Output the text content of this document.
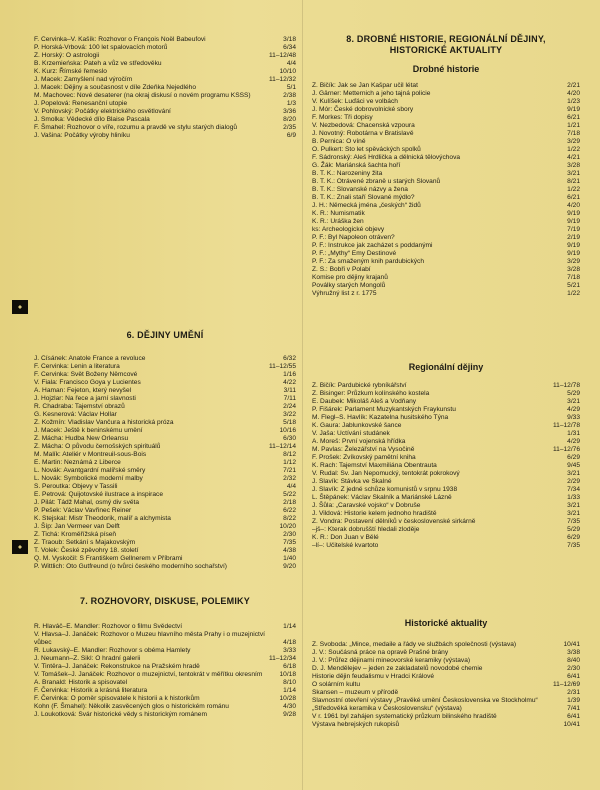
F. Cervinka–V. Kašík: Rozhovor o François Noël Babeufovi	3/18
P. Horská-Vrbová: 100 let spalovacích motorů	6/34
Z. Horský: O astrologii	11–12/48
B. Krzemieńska: Pateh a vůz ve středověku	4/4
K. Kurz: Římské řemeslo	10/10
J. Macek: Zamyšlení nad výročím	11–12/32
J. Macek: Dějiny a současnost v díle Zdeňka Nejedlého	5/1
M. Machovec: Nové desaterer (na okraj diskusí o novém programu KSSS)	2/38
J. Popelová: Renesanční utopie	1/3
V. Pohlovský: Počátky elektrického osvětlování	3/36
J. Smolka: Vědecké dílo Blaise Pascala	8/20
F. Šmahel: Rozhovor o víře, rozumu a pravdě ve stylu starých dialogů	2/35
J. Vašina: Počátky výroby hliníku	6/9
6. DĚJINY UMĚNÍ
J. Císánek: Anatole France a revoluce	6/32
F. Cervinka: Lenin a literatura	11–12/55
F. Cervinka: Svět Boženy Němcové	1/16
V. Fiala: Francisco Goya y Lucientes	4/22
A. Haman: Fejeton, který nevyšel	3/11
J. Hojzlar: Na řece a jarní slavnosti	7/11
R. Chadraba: Tajemství obrazů	2/24
G. Kesnerová: Václav Hollar	3/22
Z. Kožmín: Vladislav Vančura a historická próza	5/18
J. Macek: Ještě k beninskému umění	10/16
Z. Mácha: Hudba New Orleansu	6/30
Z. Mácha: O původu černošských spirituálů	11–12/14
M. Malík: Ateliér v Montreuil-sous-Bois	8/12
E. Martin: Neznámá z Liberce	1/12
L. Novák: Avantgardní malířské směry	7/21
L. Novák: Symbolické moderní malby	2/32
S. Peroutka: Objevy v Tassili	4/4
E. Petrová: Quijotovské ilustrace a inspirace	5/22
J. Pilát: Tádž Mahal, osmý div světa	2/18
P. Pešek: Václav Vavřinec Reiner	6/22
K. Stejskal: Mistr Theodorik, malíř a alchymista	8/22
J. Šíp: Jan Vermeer van Delft	10/20
Z. Tichá: Kroměřížská píseň	2/30
Z. Traoub: Setkání s Majakovským	7/35
T. Volek: České zpěvohry 18. století	4/38
Q. M. Vyskočil: S Františkem Gellnerem v Příbrami	1/40
P. Wittlich: Oto Gutfreund (o tvůrci českého moderního sochařství)	9/20
7. ROZHOVORY, DISKUSE, POLEMIKY
R. Hlaváč–E. Mandler: Rozhovor o filmu Svědectví	1/14
V. Hlavsa–J. Janáček: Rozhovor o Muzeu hlavního města Prahy i o muzejnictví vůbec	4/18
R. Lukavský–E. Mandler: Rozhovor s obéma Hamlety	3/33
J. Neumann–Z. Sikl: O hradní galerii	11–12/34
V. Tintěra–J. Janáček: Rekonstrukce na Pražském hradě	6/18
V. Tomášek–J. Janáček: Rozhovor o muzejnictví, tentokrát v měřítku okresním	10/18
A. Branald: Historik a spisovatel	8/10
F. Červinka: Historik a krásná literatura	1/14
F. Červinka: O poměr spisovatele k historii a k historikům	10/28
Kohn (F. Šmahel): Několik zasvěcených glos o historickém románu	4/30
J. Loukotková: Svár historické vědy s historickým románem	9/28
8. DROBNÉ HISTORIE, REGIONÁLNÍ DĚJINY,
HISTORICKÉ AKTUALITY
Drobné historie
Z. Bičík: Jak se Jan Kašpar učil létat	2/21
J. Gärner: Metternich a jeho tajná policie	4/20
V. Kulíšek: Luďáci ve volbách	1/23
J. Mór: České dobrovolnické sbory	9/19
F. Morkes: Tři dopisy	6/21
V. Nezbedová: Chacenská vzpoura	1/21
J. Novotný: Robotárna v Bratislavě	7/18
B. Pernica: O víně	3/29
O. Pulkert: Sto let spěváckých spolků	1/22
F. Sádronský: Aleš Hrdlička a dělnická tělovýchova	4/21
G. Žák: Mariánská šachta hoří	3/28
B. T. K.: Narozeniny žita	3/21
B. T. K.: Otrávené zbraně u starých Slovanů	8/21
B. T. K.: Slovanské názvy a žena	1/22
B. T. K.: Znali staří Slované mýdlo?	6/21
J. H.: Německá jména „českých“ židů	4/20
K. R.: Numismatik	9/19
K. R.: Uráška žen	9/19
ks: Archeologické objevy	7/19
P. F.: Byl Napoleon otráven?	2/19
P. F.: Instrukce jak zacházet s poddanými	9/19
P. F.: „Mythy“ Emy Destinové	9/19
P. F.: Za smaženým knih pardubických	3/29
Z. S.: Bobři v Polabí	3/28
Komise pro dějiny krajanů	7/18
Poválky starých Mongolů	5/21
Výhružný list z r. 1775	1/22
Regionální dějiny
Z. Bičík: Pardubické rybníkářství	11–12/78
Z. Bisinger: Průzkum kolínského kostela	5/29
E. Daubek: Mikoláš Aleš a Vodňany	3/21
P. Fišárek: Parlament Muzykantských Fraykunstu	4/29
M. Flegl–S. Havlík: Kazatelna husitského Týna	9/33
K. Gaura: Jablunkovské šance	11–12/78
V. Jaša: Uctívání studánek	1/31
A. Moreš: První vojenská hřídka	4/29
M. Pavlas: Železářství na Vysočině	11–12/76
F. Prošek: Zvíkovský pamětní kniha	6/29
K. Rach: Tajemství Maxmiliána Obentrauta	9/45
V. Rudal: Sv. Jan Nepomucký, tentokrát pokrokový	3/21
J. Slavík: Stávka ve Skalné	2/29
J. Slavík: Z jedné schůze komunistů v srpnu 1938	7/34
L. Štěpánek: Václav Skalník a Mariánské Lázně	1/33
J. Šůla: „Caravské vojsko“ v Dobruše	3/21
J. Vildová: Historie kelem jednoho hradiště	3/21
Z. Vondra: Postavení dělníků v československé sirkárně	7/35
–jš–: Kterak dobrušští hledali zloděje	5/29
K. R.: Don Juan v Bělé	6/29
–lí–: Učitelské kvartoto	7/35
Historické aktuality
Z. Svoboda: „Mince, medaile a řády ve službách společnosti (výstava)	10/41
J. V.: Součásná práce na opravě Prašné brány	3/38
J. V.: Průřez dějinami mineovorské keramiky (výstava)	8/40
D. J. Mendělejev – jeden ze zakladatelů novodobé chemie	2/30
Historie dějin feudalismu v Hradci Králové	6/41
O solárním kultu	11–12/69
Skansen – muzeum v přírodě	2/31
Slavnostní otevření výstavy „Pravěké umění Československa ve Stockholmu“	1/39
„Středověká keramika v Československu“ (výstava)	7/41
V r. 1961 byl zahájen systematický průzkum bilinského hradiště	6/41
Výstava hebrejských rukopisů	10/41
